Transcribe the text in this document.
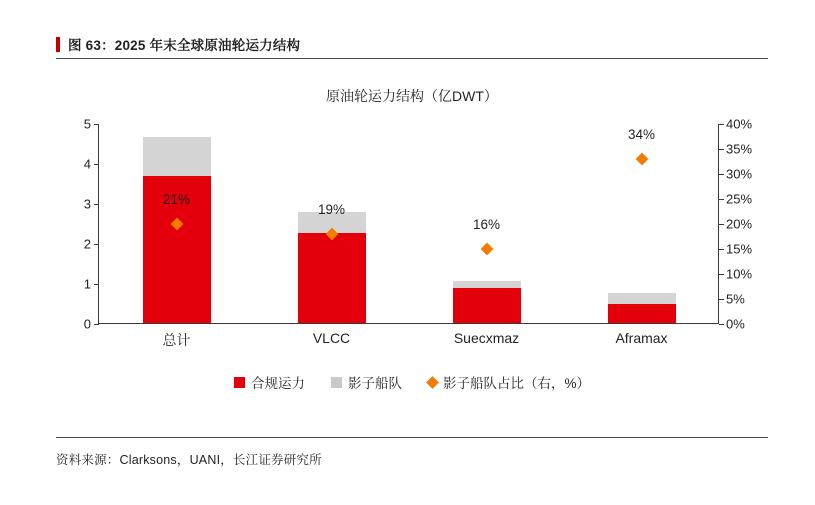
图 63：2025 年末全球原油轮运力结构
原油轮运力结构（亿DWT）
0
1
2
3
4
5
0%
5%
10%
15%
20%
25%
30%
35%
40%
总计
21%
VLCC
19%
Suecxmaz
16%
Aframax
34%
合规运力	影子船队	影子船队占比（右，%）
资料来源：Clarksons，UANI，长江证券研究所
